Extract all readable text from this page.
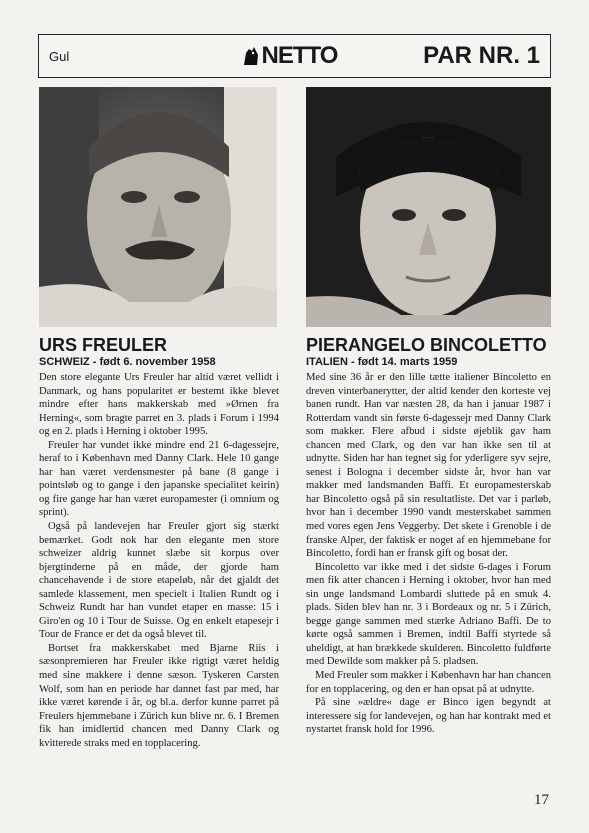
Gul	NETTO	PAR NR. 1
URS FREULER
SCHWEIZ - født 6. november 1958

Den store elegante Urs Freuler har altid været vellidt i Danmark, og hans popularitet er bestemt ikke blevet mindre efter hans makkerskab med »Ørnen fra Herning«, som bragte parret en 3. plads i Forum i 1994 og en 2. plads i Herning i oktober 1995.

Freuler har vundet ikke mindre end 21 6-dagessejre, heraf to i København med Danny Clark. Hele 10 gange har han været verdensmester på bane (8 gange i pointsløb og to gange i den japanske specialitet keirin) og fire gange har han været europamester (i omnium og sprint).

Også på landevejen har Freuler gjort sig stærkt bemærket. Godt nok har den elegante men store schweizer aldrig kunnet slæbe sit korpus over bjergtinderne på en måde, der gjorde ham chancehavende i de store etapeløb, når det gjaldt det samlede klassement, men specielt i Italien Rundt og i Schweiz Rundt har han vundet etaper en masse: 15 i Giro'en og 10 i Tour de Suisse. Og en enkelt etapesejr i Tour de France er det da også blevet til.

Bortset fra makkerskabet med Bjarne Riis i sæsonpremieren har Freuler ikke rigtigt været heldig med sine makkere i denne sæson. Tyskeren Carsten Wolf, som han en periode har dannet fast par med, har ikke været kørende i år, og bl.a. derfor kunne parret på Freulers hjemmebane i Zürich kun blive nr. 6. I Bremen fik han imidlertid chancen med Danny Clark og kvitterede straks med en topplacering.

PIERANGELO BINCOLETTO
ITALIEN - født 14. marts 1959

Med sine 36 år er den lille tætte italiener Bincoletto en dreven vinterbanerytter, der altid kender den korteste vej banen rundt. Han var næsten 28, da han i januar 1987 i Rotterdam vandt sin første 6-dagessejr med Danny Clark som makker. Flere afbud i sidste øjeblik gav ham chancen med Clark, og den var han ikke sen til at udnytte. Siden har han tegnet sig for yderligere syv sejre, senest i Bologna i december sidste år, hvor han var makker med landsmanden Baffi. Et europamesterskab har Bincoletto også på sin resultatliste. Det var i parløb, hvor han i december 1990 vandt mesterskabet sammen med vores egen Jens Veggerby. Det skete i Grenoble i de franske Alper, der faktisk er noget af en hjemmebane for Bincoletto, fordi han er fransk gift og bosat der.

Bincoletto var ikke med i det sidste 6-dages i Forum men fik atter chancen i Herning i oktober, hvor han med sin unge landsmand Lombardi sluttede på en smuk 4. plads. Siden blev han nr. 3 i Bordeaux og nr. 5 i Zürich, begge gange sammen med stærke Adriano Baffi. De to kørte også sammen i Bremen, indtil Baffi styrtede så uheldigt, at han brækkede skulderen. Bincoletto fuldførte med Dewilde som makker på 5. pladsen.

Med Freuler som makker i København har han chancen for en topplacering, og den er han opsat på at udnytte.

På sine »ældre« dage er Binco igen begyndt at interessere sig for landevejen, og han har kontrakt med et nystartet fransk hold for 1996.

17
